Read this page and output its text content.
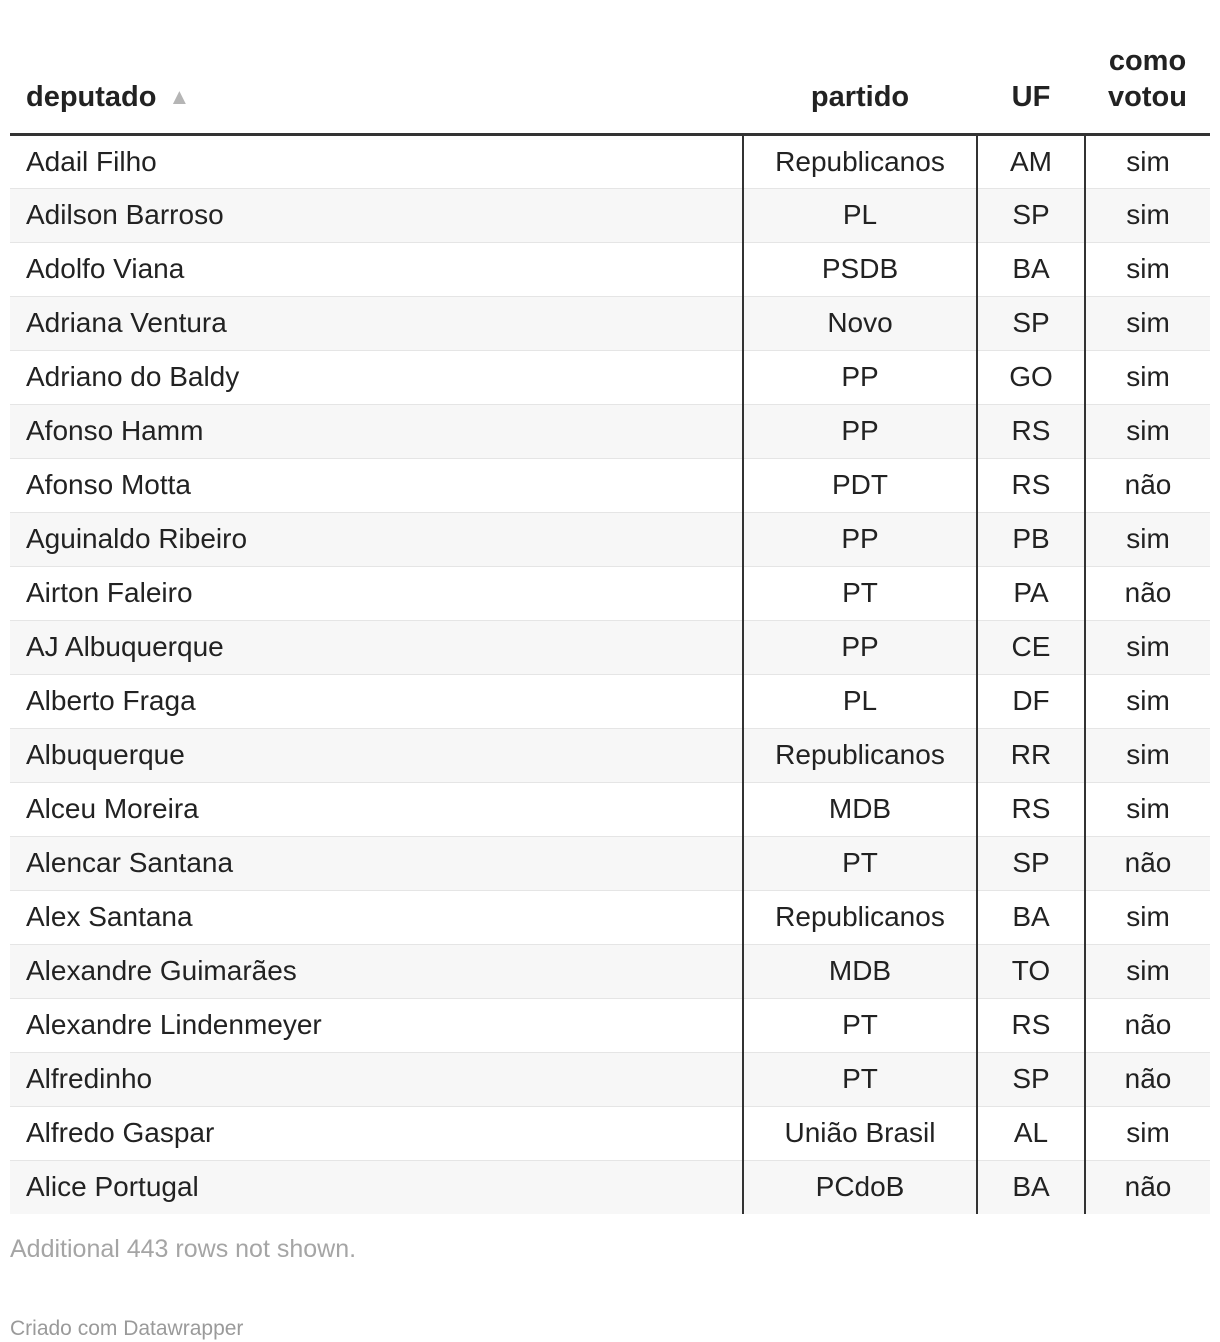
deputado ▲	partido	UF	como
votou
Adail Filho	Republicanos	AM	sim
Adilson Barroso	PL	SP	sim
Adolfo Viana	PSDB	BA	sim
Adriana Ventura	Novo	SP	sim
Adriano do Baldy	PP	GO	sim
Afonso Hamm	PP	RS	sim
Afonso Motta	PDT	RS	não
Aguinaldo Ribeiro	PP	PB	sim
Airton Faleiro	PT	PA	não
AJ Albuquerque	PP	CE	sim
Alberto Fraga	PL	DF	sim
Albuquerque	Republicanos	RR	sim
Alceu Moreira	MDB	RS	sim
Alencar Santana	PT	SP	não
Alex Santana	Republicanos	BA	sim
Alexandre Guimarães	MDB	TO	sim
Alexandre Lindenmeyer	PT	RS	não
Alfredinho	PT	SP	não
Alfredo Gaspar	União Brasil	AL	sim
Alice Portugal	PCdoB	BA	não
Additional 443 rows not shown.
Criado com Datawrapper
